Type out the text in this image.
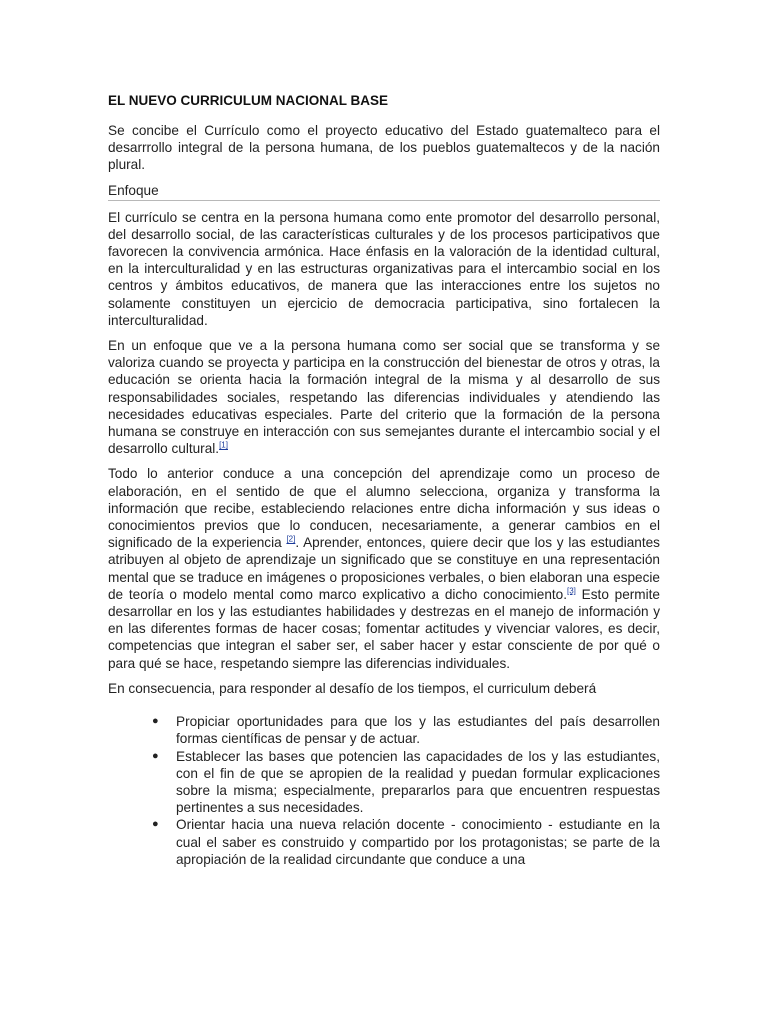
EL NUEVO CURRICULUM NACIONAL BASE

Se concibe el Currículo como el proyecto educativo del Estado guatemalteco para el desarrrollo integral de la persona humana, de los pueblos guatemaltecos y de la nación plural.

Enfoque

El currículo se centra en la persona humana como ente promotor del desarrollo personal, del desarrollo social, de las características culturales y de los procesos participativos que favorecen la convivencia armónica. Hace énfasis en la valoración de la identidad cultural, en la interculturalidad y en las estructuras organizativas para el intercambio social en los centros y ámbitos educativos, de manera que las interacciones entre los sujetos no solamente constituyen un ejercicio de democracia participativa, sino fortalecen la interculturalidad.

En un enfoque que ve a la persona humana como ser social que se transforma y se valoriza cuando se proyecta y participa en la construcción del bienestar de otros y otras, la educación se orienta hacia la formación integral de la misma y al desarrollo de sus responsabilidades sociales, respetando las diferencias individuales y atendiendo las necesidades educativas especiales. Parte del criterio que la formación de la persona humana se construye en interacción con sus semejantes durante el intercambio social y el desarrollo cultural.[1]

Todo lo anterior conduce a una concepción del aprendizaje como un proceso de elaboración, en el sentido de que el alumno selecciona, organiza y transforma la información que recibe, estableciendo relaciones entre dicha información y sus ideas o conocimientos previos que lo conducen, necesariamente, a generar cambios en el significado de la experiencia [2]. Aprender, entonces, quiere decir que los y las estudiantes atribuyen al objeto de aprendizaje un significado que se constituye en una representación mental que se traduce en imágenes o proposiciones verbales, o bien elaboran una especie de teoría o modelo mental como marco explicativo a dicho conocimiento.[3] Esto permite desarrollar en los y las estudiantes habilidades y destrezas en el manejo de información y en las diferentes formas de hacer cosas; fomentar actitudes y vivenciar valores, es decir, competencias que integran el saber ser, el saber hacer y estar consciente de por qué o para qué se hace, respetando siempre las diferencias individuales.

En consecuencia, para responder al desafío de los tiempos, el curriculum deberá

● Propiciar oportunidades para que los y las estudiantes del país desarrollen formas científicas de pensar y de actuar.
● Establecer las bases que potencien las capacidades de los y las estudiantes, con el fin de que se apropien de la realidad y puedan formular explicaciones sobre la misma; especialmente, prepararlos para que encuentren respuestas pertinentes a sus necesidades.
● Orientar hacia una nueva relación docente - conocimiento - estudiante en la cual el saber es construido y compartido por los protagonistas; se parte de la apropiación de la realidad circundante que conduce a una
